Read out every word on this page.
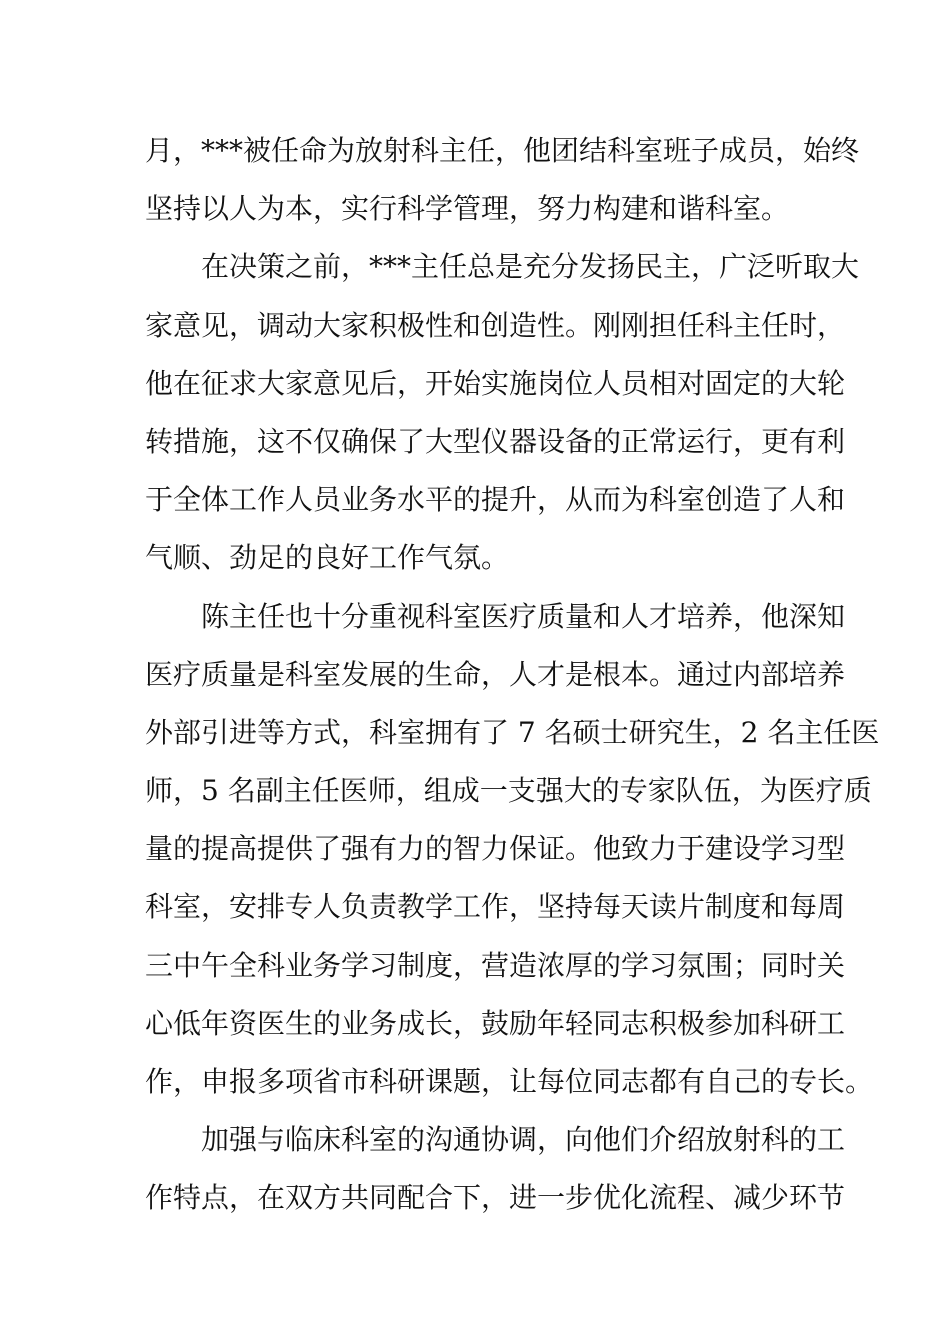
月，***被任命为放射科主任，他团结科室班子成员，始终
坚持以人为本，实行科学管理，努力构建和谐科室。
在决策之前，***主任总是充分发扬民主，广泛听取大
家意见，调动大家积极性和创造性。刚刚担任科主任时，
他在征求大家意见后，开始实施岗位人员相对固定的大轮
转措施，这不仅确保了大型仪器设备的正常运行，更有利
于全体工作人员业务水平的提升，从而为科室创造了人和
气顺、劲足的良好工作气氛。
陈主任也十分重视科室医疗质量和人才培养，他深知
医疗质量是科室发展的生命，人才是根本。通过内部培养
外部引进等方式，科室拥有了 7 名硕士研究生，2 名主任医
师，5 名副主任医师，组成一支强大的专家队伍，为医疗质
量的提高提供了强有力的智力保证。他致力于建设学习型
科室，安排专人负责教学工作，坚持每天读片制度和每周
三中午全科业务学习制度，营造浓厚的学习氛围；同时关
心低年资医生的业务成长，鼓励年轻同志积极参加科研工
作，申报多项省市科研课题，让每位同志都有自己的专长。
加强与临床科室的沟通协调，向他们介绍放射科的工
作特点，在双方共同配合下，进一步优化流程、减少环节
